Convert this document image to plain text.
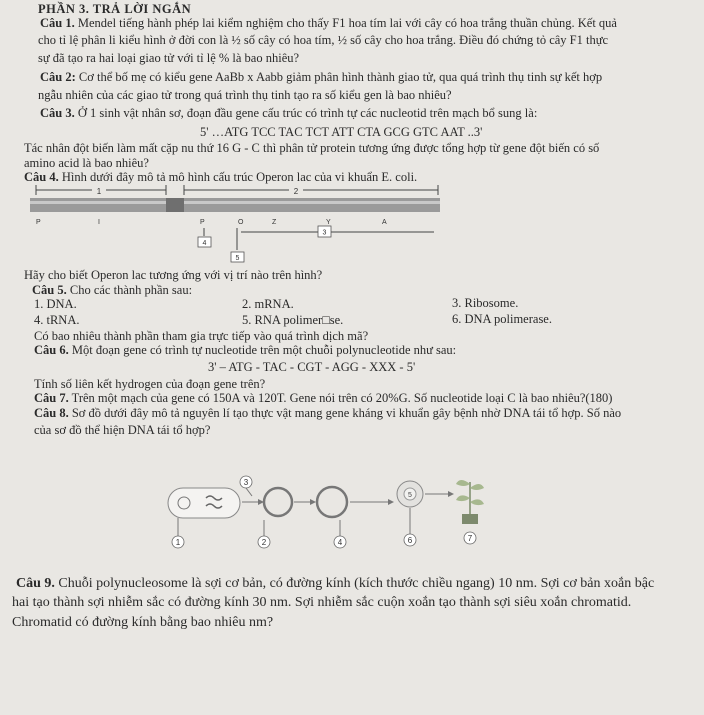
PHẦN 3. TRẢ LỜI NGẮN
Câu 1. Mendel tiếng hành phép lai kiểm nghiệm cho thấy F1 hoa tím lai với cây có hoa trắng thuần chủng. Kết quả
cho tỉ lệ phân li kiểu hình ở đời con là ½ số cây có hoa tím, ½ số cây cho hoa trắng. Điều đó chứng tỏ cây F1 thực
sự đã tạo ra hai loại giao tử với tỉ lệ % là bao nhiêu?
Câu 2: Cơ thể bố mẹ có kiểu gene AaBb x Aabb giảm phân hình thành giao tử, qua quá trình thụ tinh sự kết hợp
ngẫu nhiên của các giao tử trong quá trình thụ tinh tạo ra số kiểu gen là bao nhiêu?
Câu 3. Ở 1 sinh vật nhân sơ, đoạn đầu gene cấu trúc có trình tự các nucleotid trên mạch bổ sung là:
5' …ATG TCC TAC TCT ATT CTA GCG GTC AAT ..3'
Tác nhân đột biến làm mất cặp nu thứ 16 G - C thì phân tử protein tương ứng được tổng hợp từ gene đột biến có số
amino acid là bao nhiêu?
Câu 4. Hình dưới đây mô tả mô hình cấu trúc Operon lac của vi khuẩn E. coli.
1	2
P	I	P	O	Z	Y	A
3
4
5
Hãy cho biết Operon lac tương ứng với vị trí nào trên hình?
Câu 5. Cho các thành phần sau:
1. DNA.	2. mRNA.	3. Ribosome.
4. tRNA.	5. RNA polimer□se.	6. DNA polimerase.
Có bao nhiêu thành phần tham gia trực tiếp vào quá trình dịch mã?
Câu 6. Một đoạn gene có trình tự nucleotide trên một chuỗi polynucleotide như sau:
3' – ATG - TAC - CGT - AGG - XXX - 5'
Tính số liên kết hydrogen của đoạn gene trên?
Câu 7. Trên một mạch của gene có 150A và 120T. Gene nói trên có 20%G. Số nucleotide loại C là bao nhiêu?(180)
Câu 8. Sơ đồ dưới đây mô tả nguyên lí tạo thực vật mang gene kháng vi khuẩn gây bệnh nhờ DNA tái tổ hợp. Số nào
của sơ đồ thể hiện DNA tái tổ hợp?
1	2
3
4
5
6	7
Câu 9. Chuỗi polynucleosome là sợi cơ bản, có đường kính (kích thước chiều ngang) 10 nm. Sợi cơ bản xoắn bậc
hai tạo thành sợi nhiễm sắc có đường kính 30 nm. Sợi nhiễm sắc cuộn xoắn tạo thành sợi siêu xoắn chromatid.
Chromatid có đường kính bằng bao nhiêu nm?
